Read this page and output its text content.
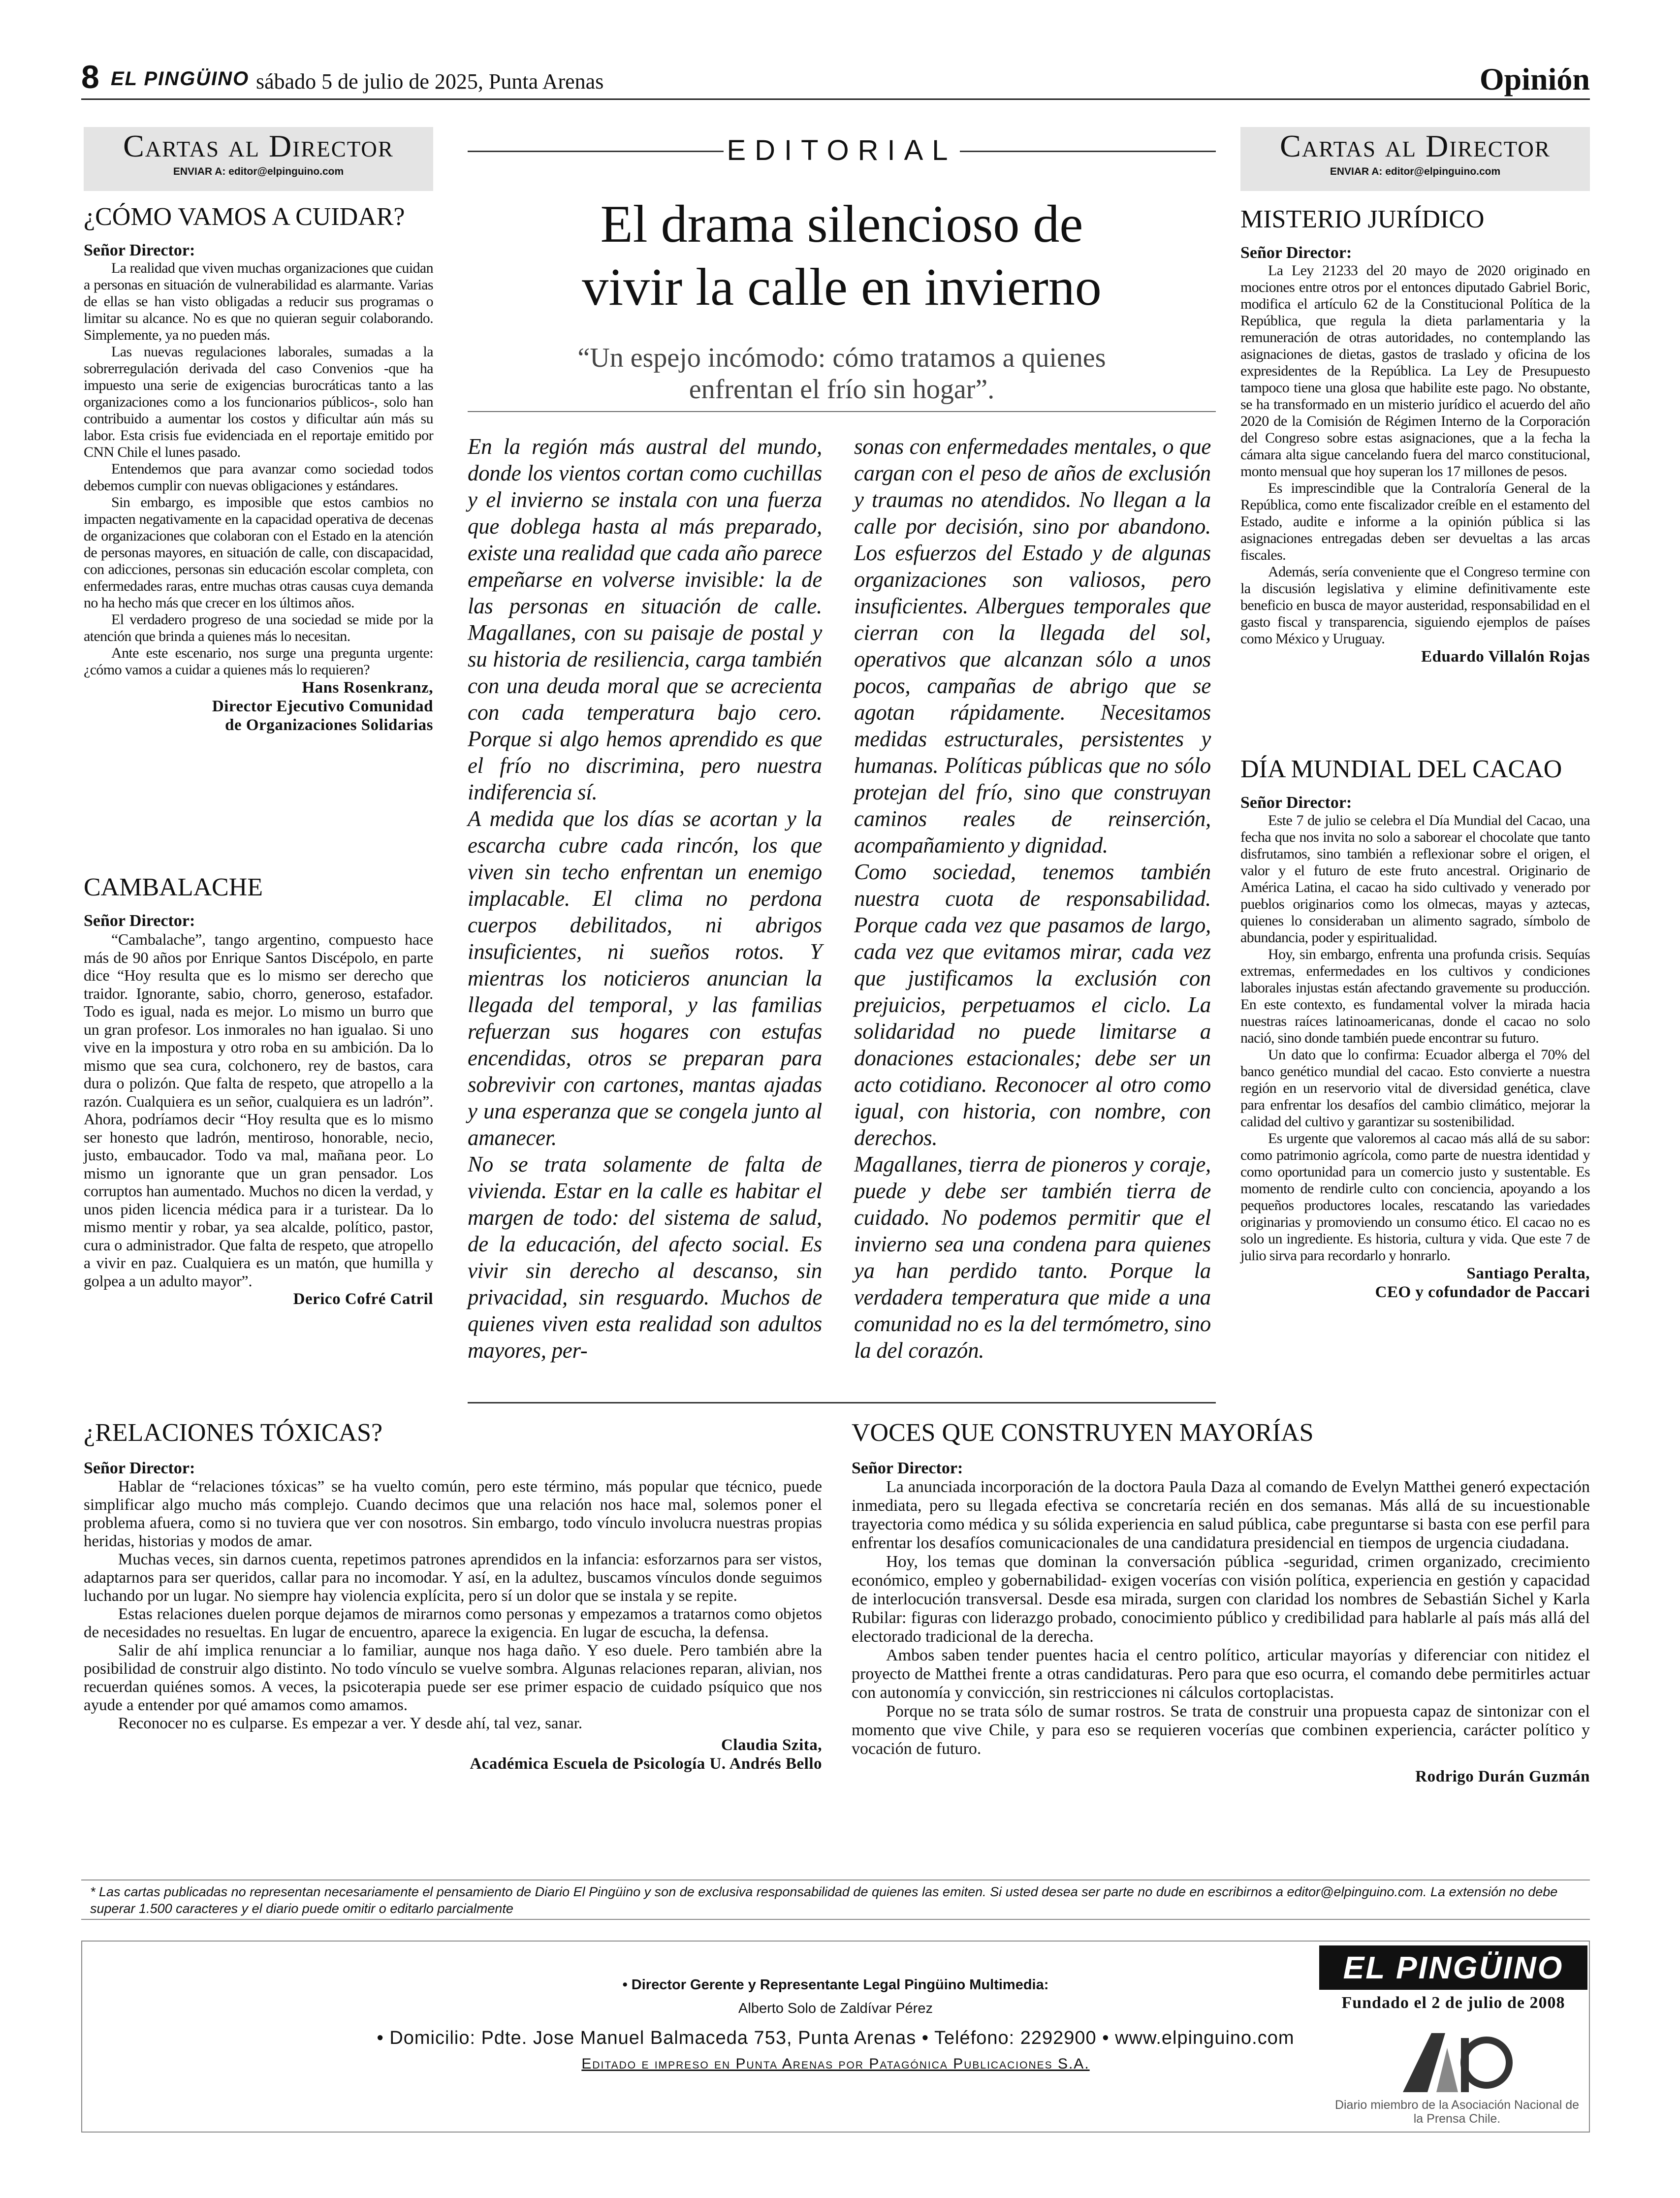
8 EL PINGÜINO sábado 5 de julio de 2025, Punta Arenas	Opinión
Cartas al Director
ENVIAR A: editor@elpinguino.com
¿CÓMO VAMOS A CUIDAR?
Señor Director:

La realidad que viven muchas organizaciones que cuidan a personas en situación de vulnerabilidad es alarmante. Varias de ellas se han visto obligadas a reducir sus programas o limitar su alcance. No es que no quieran seguir colaborando. Simplemente, ya no pueden más.

Las nuevas regulaciones laborales, sumadas a la sobrerregulación derivada del caso Convenios -que ha impuesto una serie de exigencias burocráticas tanto a las organizaciones como a los funcionarios públicos-, solo han contribuido a aumentar los costos y dificultar aún más su labor. Esta crisis fue evidenciada en el reportaje emitido por CNN Chile el lunes pasado.

Entendemos que para avanzar como sociedad todos debemos cumplir con nuevas obligaciones y estándares.

Sin embargo, es imposible que estos cambios no impacten negativamente en la capacidad operativa de decenas de organizaciones que colaboran con el Estado en la atención de personas mayores, en situación de calle, con discapacidad, con adicciones, personas sin educación escolar completa, con enfermedades raras, entre muchas otras causas cuya demanda no ha hecho más que crecer en los últimos años.

El verdadero progreso de una sociedad se mide por la atención que brinda a quienes más lo necesitan.

Ante este escenario, nos surge una pregunta urgente: ¿cómo vamos a cuidar a quienes más lo requieren?

Hans Rosenkranz,
Director Ejecutivo Comunidad
de Organizaciones Solidarias
CAMBALACHE
Señor Director:

“Cambalache”, tango argentino, compuesto hace más de 90 años por Enrique Santos Discépolo, en parte dice “Hoy resulta que es lo mismo ser derecho que traidor. Ignorante, sabio, chorro, generoso, estafador. Todo es igual, nada es mejor. Lo mismo un burro que un gran profesor. Los inmorales no han igualao. Si uno vive en la impostura y otro roba en su ambición. Da lo mismo que sea cura, colchonero, rey de bastos, cara dura o polizón. Que falta de respeto, que atropello a la razón. Cualquiera es un señor, cualquiera es un ladrón”. Ahora, podríamos decir “Hoy resulta que es lo mismo ser honesto que ladrón, mentiroso, honorable, necio, justo, embaucador. Todo va mal, mañana peor. Lo mismo un ignorante que un gran pensador. Los corruptos han aumentado. Muchos no dicen la verdad, y unos piden licencia médica para ir a turistear. Da lo mismo mentir y robar, ya sea alcalde, político, pastor, cura o administrador. Que falta de respeto, que atropello a vivir en paz. Cualquiera es un matón, que humilla y golpea a un adulto mayor”.

Derico Cofré Catril
EDITORIAL
El drama silencioso de
vivir la calle en invierno
“Un espejo incómodo: cómo tratamos a quienes
enfrentan el frío sin hogar”.

En la región más austral del mundo, donde los vientos cortan como cuchillas y el invierno se instala con una fuerza que doblega hasta al más preparado, existe una realidad que cada año parece empeñarse en volverse invisible: la de las personas en situación de calle. Magallanes, con su paisaje de postal y su historia de resiliencia, carga también con una deuda moral que se acrecienta con cada temperatura bajo cero. Porque si algo hemos aprendido es que el frío no discrimina, pero nuestra indiferencia sí.

A medida que los días se acortan y la escarcha cubre cada rincón, los que viven sin techo enfrentan un enemigo implacable. El clima no perdona cuerpos debilitados, ni abrigos insuficientes, ni sueños rotos. Y mientras los noticieros anuncian la llegada del temporal, y las familias refuerzan sus hogares con estufas encendidas, otros se preparan para sobrevivir con cartones, mantas ajadas y una esperanza que se congela junto al amanecer.

No se trata solamente de falta de vivienda. Estar en la calle es habitar el margen de todo: del sistema de salud, de la educación, del afecto social. Es vivir sin derecho al descanso, sin privacidad, sin resguardo. Muchos de quienes viven esta realidad son adultos mayores, per-

sonas con enfermedades mentales, o que cargan con el peso de años de exclusión y traumas no atendidos. No llegan a la calle por decisión, sino por abandono. Los esfuerzos del Estado y de algunas organizaciones son valiosos, pero insuficientes. Albergues temporales que cierran con la llegada del sol, operativos que alcanzan sólo a unos pocos, campañas de abrigo que se agotan rápidamente. Necesitamos medidas estructurales, persistentes y humanas. Políticas públicas que no sólo protejan del frío, sino que construyan caminos reales de reinserción, acompañamiento y dignidad.

Como sociedad, tenemos también nuestra cuota de responsabilidad. Porque cada vez que pasamos de largo, cada vez que evitamos mirar, cada vez que justificamos la exclusión con prejuicios, perpetuamos el ciclo. La solidaridad no puede limitarse a donaciones estacionales; debe ser un acto cotidiano. Reconocer al otro como igual, con historia, con nombre, con derechos.

Magallanes, tierra de pioneros y coraje, puede y debe ser también tierra de cuidado. No podemos permitir que el invierno sea una condena para quienes ya han perdido tanto. Porque la verdadera temperatura que mide a una comunidad no es la del termómetro, sino la del corazón.

Cartas al Director
ENVIAR A: editor@elpinguino.com
MISTERIO JURÍDICO
Señor Director:

La Ley 21233 del 20 mayo de 2020 originado en mociones entre otros por el entonces diputado Gabriel Boric, modifica el artículo 62 de la Constitucional Política de la República, que regula la dieta parlamentaria y la remuneración de otras autoridades, no contemplando las asignaciones de dietas, gastos de traslado y oficina de los expresidentes de la República. La Ley de Presupuesto tampoco tiene una glosa que habilite este pago. No obstante, se ha transformado en un misterio jurídico el acuerdo del año 2020 de la Comisión de Régimen Interno de la Corporación del Congreso sobre estas asignaciones, que a la fecha la cámara alta sigue cancelando fuera del marco constitucional, monto mensual que hoy superan los 17 millones de pesos.

Es imprescindible que la Contraloría General de la República, como ente fiscalizador creíble en el estamento del Estado, audite e informe a la opinión pública si las asignaciones entregadas deben ser devueltas a las arcas fiscales.

Además, sería conveniente que el Congreso termine con la discusión legislativa y elimine definitivamente este beneficio en busca de mayor austeridad, responsabilidad en el gasto fiscal y transparencia, siguiendo ejemplos de países como México y Uruguay.

Eduardo Villalón Rojas
DÍA MUNDIAL DEL CACAO
Señor Director:

Este 7 de julio se celebra el Día Mundial del Cacao, una fecha que nos invita no solo a saborear el chocolate que tanto disfrutamos, sino también a reflexionar sobre el origen, el valor y el futuro de este fruto ancestral. Originario de América Latina, el cacao ha sido cultivado y venerado por pueblos originarios como los olmecas, mayas y aztecas, quienes lo consideraban un alimento sagrado, símbolo de abundancia, poder y espiritualidad.

Hoy, sin embargo, enfrenta una profunda crisis. Sequías extremas, enfermedades en los cultivos y condiciones laborales injustas están afectando gravemente su producción. En este contexto, es fundamental volver la mirada hacia nuestras raíces latinoamericanas, donde el cacao no solo nació, sino donde también puede encontrar su futuro.

Un dato que lo confirma: Ecuador alberga el 70% del banco genético mundial del cacao. Esto convierte a nuestra región en un reservorio vital de diversidad genética, clave para enfrentar los desafíos del cambio climático, mejorar la calidad del cultivo y garantizar su sostenibilidad.

Es urgente que valoremos al cacao más allá de su sabor: como patrimonio agrícola, como parte de nuestra identidad y como oportunidad para un comercio justo y sustentable. Es momento de rendirle culto con conciencia, apoyando a los pequeños productores locales, rescatando las variedades originarias y promoviendo un consumo ético. El cacao no es solo un ingrediente. Es historia, cultura y vida. Que este 7 de julio sirva para recordarlo y honrarlo.

Santiago Peralta,
CEO y cofundador de Paccari
¿RELACIONES TÓXICAS?
Señor Director:

Hablar de “relaciones tóxicas” se ha vuelto común, pero este término, más popular que técnico, puede simplificar algo mucho más complejo. Cuando decimos que una relación nos hace mal, solemos poner el problema afuera, como si no tuviera que ver con nosotros. Sin embargo, todo vínculo involucra nuestras propias heridas, historias y modos de amar.

Muchas veces, sin darnos cuenta, repetimos patrones aprendidos en la infancia: esforzarnos para ser vistos, adaptarnos para ser queridos, callar para no incomodar. Y así, en la adultez, buscamos vínculos donde seguimos luchando por un lugar. No siempre hay violencia explícita, pero sí un dolor que se instala y se repite.

Estas relaciones duelen porque dejamos de mirarnos como personas y empezamos a tratarnos como objetos de necesidades no resueltas. En lugar de encuentro, aparece la exigencia. En lugar de escucha, la defensa.

Salir de ahí implica renunciar a lo familiar, aunque nos haga daño. Y eso duele. Pero también abre la posibilidad de construir algo distinto. No todo vínculo se vuelve sombra. Algunas relaciones reparan, alivian, nos recuerdan quiénes somos. A veces, la psicoterapia puede ser ese primer espacio de cuidado psíquico que nos ayude a entender por qué amamos como amamos.

Reconocer no es culparse. Es empezar a ver. Y desde ahí, tal vez, sanar.

Claudia Szita,
Académica Escuela de Psicología U. Andrés Bello
VOCES QUE CONSTRUYEN MAYORÍAS
Señor Director:

La anunciada incorporación de la doctora Paula Daza al comando de Evelyn Matthei generó expectación inmediata, pero su llegada efectiva se concretaría recién en dos semanas. Más allá de su incuestionable trayectoria como médica y su sólida experiencia en salud pública, cabe preguntarse si basta con ese perfil para enfrentar los desafíos comunicacionales de una candidatura presidencial en tiempos de urgencia ciudadana.

Hoy, los temas que dominan la conversación pública -seguridad, crimen organizado, crecimiento económico, empleo y gobernabilidad- exigen vocerías con visión política, experiencia en gestión y capacidad de interlocución transversal. Desde esa mirada, surgen con claridad los nombres de Sebastián Sichel y Karla Rubilar: figuras con liderazgo probado, conocimiento público y credibilidad para hablarle al país más allá del electorado tradicional de la derecha.

Ambos saben tender puentes hacia el centro político, articular mayorías y diferenciar con nitidez el proyecto de Matthei frente a otras candidaturas. Pero para que eso ocurra, el comando debe permitirles actuar con autonomía y convicción, sin restricciones ni cálculos cortoplacistas.

Porque no se trata sólo de sumar rostros. Se trata de construir una propuesta capaz de sintonizar con el momento que vive Chile, y para eso se requieren vocerías que combinen experiencia, carácter político y vocación de futuro.

Rodrigo Durán Guzmán
* Las cartas publicadas no representan necesariamente el pensamiento de Diario El Pingüino y son de exclusiva responsabilidad de quienes las emiten. Si usted desea ser parte no dude en escribirnos a editor@elpinguino.com. La extensión no debe superar 1.500 caracteres y el diario puede omitir o editarlo parcialmente
• Director Gerente y Representante Legal Pingüino Multimedia:
Alberto Solo de Zaldívar Pérez
• Domicilio: Pdte. Jose Manuel Balmaceda 753, Punta Arenas • Teléfono: 2292900 • www.elpinguino.com
Editado e impreso en Punta Arenas por Patagónica Publicaciones S.A.
EL PINGÜINO
Fundado el 2 de julio de 2008
Diario miembro de la Asociación Nacional de la Prensa Chile.
